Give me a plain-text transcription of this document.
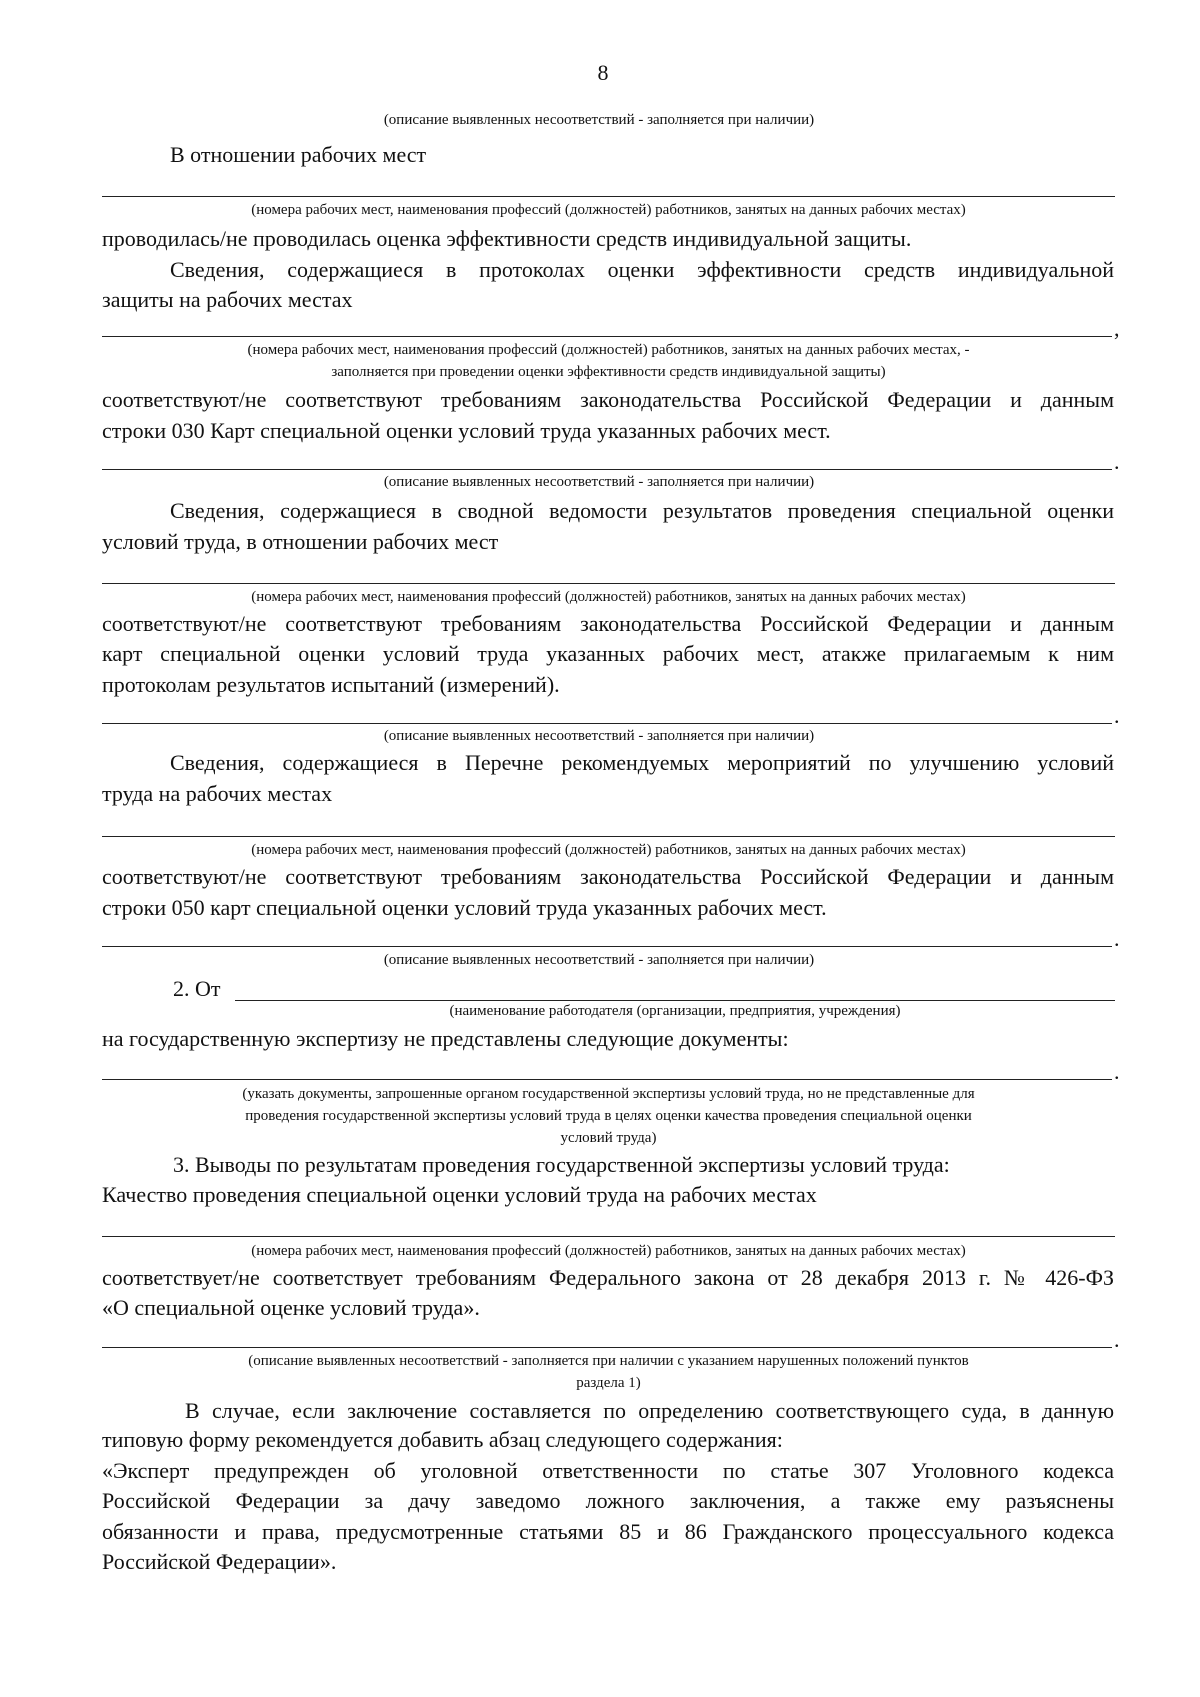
8
(описание выявленных несоответствий - заполняется при наличии)
В отношении рабочих мест
(номера рабочих мест, наименования профессий (должностей) работников, занятых на данных рабочих местах)
проводилась/не проводилась оценка эффективности средств индивидуальной защиты.
Сведения, содержащиеся в протоколах оценки эффективности средств индивидуальной
защиты на рабочих местах
,
(номера рабочих мест, наименования профессий (должностей) работников, занятых на данных рабочих местах, -
заполняется при проведении оценки эффективности средств индивидуальной защиты)
соответствуют/не соответствуют требованиям законодательства Российской Федерации и данным
строки 030 Карт специальной оценки условий труда указанных рабочих мест.
.
(описание выявленных несоответствий - заполняется при наличии)
Сведения, содержащиеся в сводной ведомости результатов проведения специальной оценки
условий труда, в отношении рабочих мест
(номера рабочих мест, наименования профессий (должностей) работников, занятых на данных рабочих местах)
соответствуют/не соответствуют требованиям законодательства Российской Федерации и данным
карт специальной оценки условий труда указанных рабочих мест, атакже прилагаемым к ним
протоколам результатов испытаний (измерений).
.
(описание выявленных несоответствий - заполняется при наличии)
Сведения, содержащиеся в Перечне рекомендуемых мероприятий по улучшению условий
труда на рабочих местах
(номера рабочих мест, наименования профессий (должностей) работников, занятых на данных рабочих местах)
соответствуют/не соответствуют требованиям законодательства Российской Федерации и данным
строки 050 карт специальной оценки условий труда указанных рабочих мест.
.
(описание выявленных несоответствий - заполняется при наличии)
2. От
(наименование работодателя (организации, предприятия, учреждения)
на государственную экспертизу не представлены следующие документы:
.
(указать документы, запрошенные органом государственной экспертизы условий труда, но не представленные для
проведения государственной экспертизы условий труда в целях оценки качества проведения специальной оценки
условий труда)
3. Выводы по результатам проведения государственной экспертизы условий труда:
Качество проведения специальной оценки условий труда на рабочих местах
(номера рабочих мест, наименования профессий (должностей) работников, занятых на данных рабочих местах)
соответствует/не соответствует требованиям Федерального закона от 28 декабря 2013 г. № 426-ФЗ
«О специальной оценке условий труда».
.
(описание выявленных несоответствий - заполняется при наличии с указанием нарушенных положений пунктов
раздела 1)
В случае, если заключение составляется по определению соответствующего суда, в данную
типовую форму рекомендуется добавить абзац следующего содержания:
«Эксперт предупрежден об уголовной ответственности по статье 307 Уголовного кодекса
Российской Федерации за дачу заведомо ложного заключения, а также ему разъяснены
обязанности и права, предусмотренные статьями 85 и 86 Гражданского процессуального кодекса
Российской Федерации».
